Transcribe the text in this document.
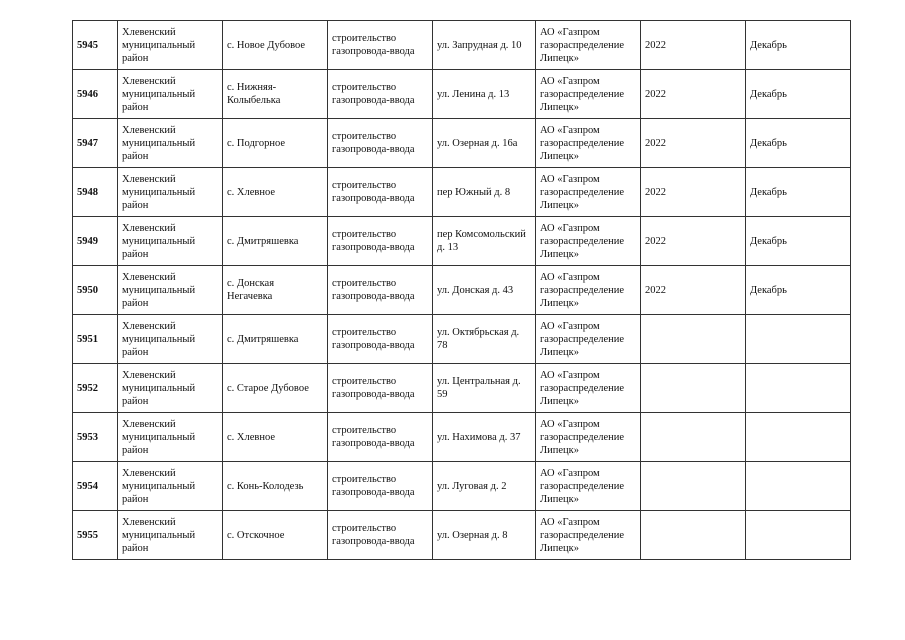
5945	Хлевенский
муниципальный
район	с. Новое Дубовое	строительство
газопровода-ввода	ул. Запрудная д. 10	АО «Газпром
газораспределение
Липецк»	2022	Декабрь
5946	Хлевенский
муниципальный
район	с. Нижняя-
Колыбелька	строительство
газопровода-ввода	ул. Ленина д. 13	АО «Газпром
газораспределение
Липецк»	2022	Декабрь
5947	Хлевенский
муниципальный
район	с. Подгорное	строительство
газопровода-ввода	ул. Озерная д. 16а	АО «Газпром
газораспределение
Липецк»	2022	Декабрь
5948	Хлевенский
муниципальный
район	с. Хлевное	строительство
газопровода-ввода	пер Южный д. 8	АО «Газпром
газораспределение
Липецк»	2022	Декабрь
5949	Хлевенский
муниципальный
район	с. Дмитряшевка	строительство
газопровода-ввода	пер Комсомольский
д. 13	АО «Газпром
газораспределение
Липецк»	2022	Декабрь
5950	Хлевенский
муниципальный
район	с. Донская
Негачевка	строительство
газопровода-ввода	ул. Донская д. 43	АО «Газпром
газораспределение
Липецк»	2022	Декабрь
5951	Хлевенский
муниципальный
район	с. Дмитряшевка	строительство
газопровода-ввода	ул. Октябрьская д.
78	АО «Газпром
газораспределение
Липецк»		
5952	Хлевенский
муниципальный
район	с. Старое Дубовое	строительство
газопровода-ввода	ул. Центральная д.
59	АО «Газпром
газораспределение
Липецк»		
5953	Хлевенский
муниципальный
район	с. Хлевное	строительство
газопровода-ввода	ул. Нахимова д. 37	АО «Газпром
газораспределение
Липецк»		
5954	Хлевенский
муниципальный
район	с. Конь-Колодезь	строительство
газопровода-ввода	ул. Луговая д. 2	АО «Газпром
газораспределение
Липецк»		
5955	Хлевенский
муниципальный
район	с. Отскочное	строительство
газопровода-ввода	ул. Озерная д. 8	АО «Газпром
газораспределение
Липецк»		
